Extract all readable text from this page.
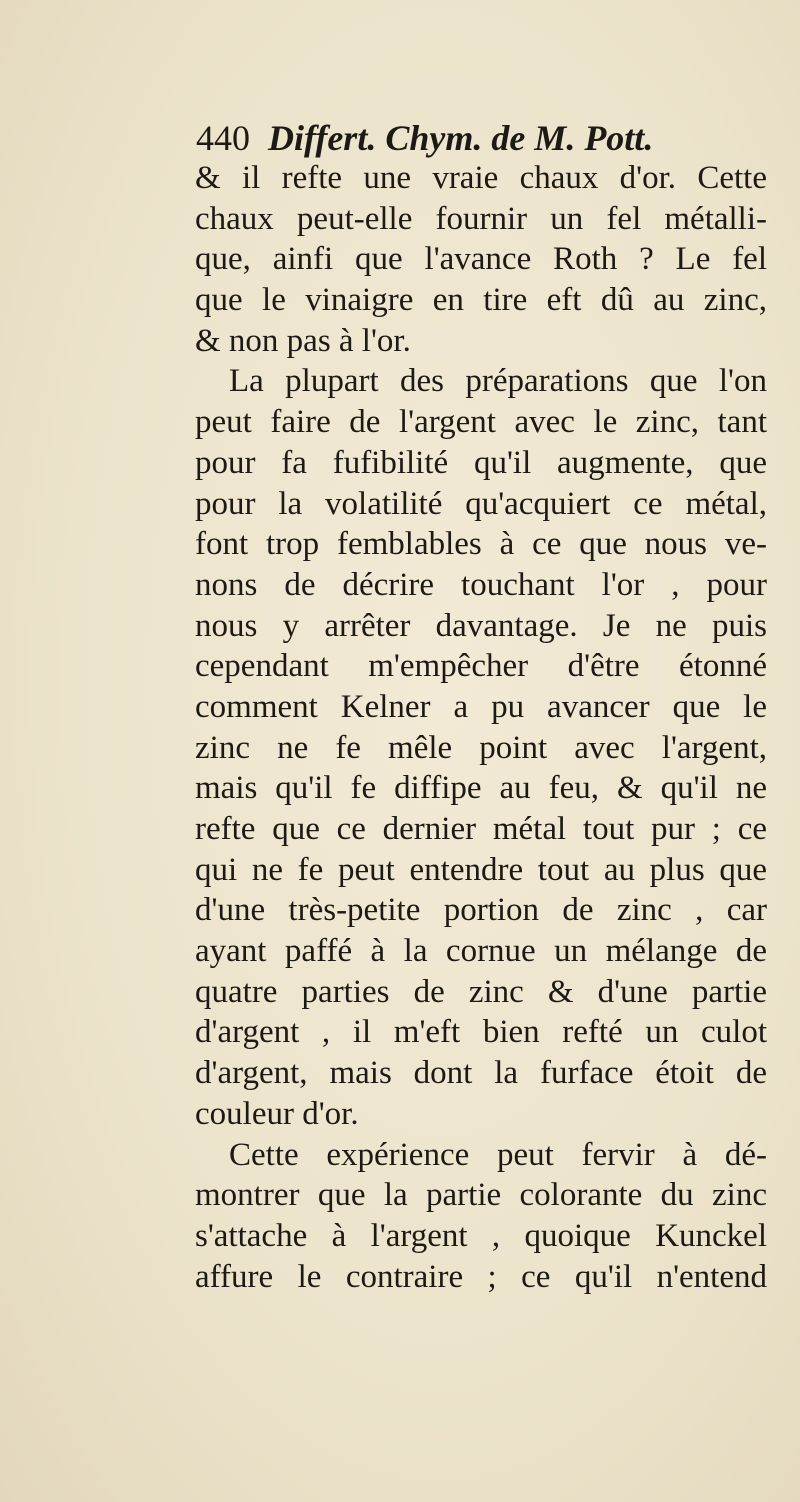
440 Differt. Chym. de M. Pott.
& il refte une vraie chaux d'or. Cette
chaux peut-elle fournir un fel métalli-
que, ainfi que l'avance Roth ? Le fel
que le vinaigre en tire eft dû au zinc,
& non pas à l'or.
La plupart des préparations que l'on
peut faire de l'argent avec le zinc, tant
pour fa fufibilité qu'il augmente, que
pour la volatilité qu'acquiert ce métal,
font trop femblables à ce que nous ve-
nons de décrire touchant l'or , pour
nous y arrêter davantage. Je ne puis
cependant m'empêcher d'être étonné
comment Kelner a pu avancer que le
zinc ne fe mêle point avec l'argent,
mais qu'il fe diffipe au feu, & qu'il ne
refte que ce dernier métal tout pur ; ce
qui ne fe peut entendre tout au plus que
d'une très-petite portion de zinc , car
ayant paffé à la cornue un mélange de
quatre parties de zinc & d'une partie
d'argent , il m'eft bien refté un culot
d'argent, mais dont la furface étoit de
couleur d'or.
Cette expérience peut fervir à dé-
montrer que la partie colorante du zinc
s'attache à l'argent , quoique Kunckel
affure le contraire ; ce qu'il n'entend
